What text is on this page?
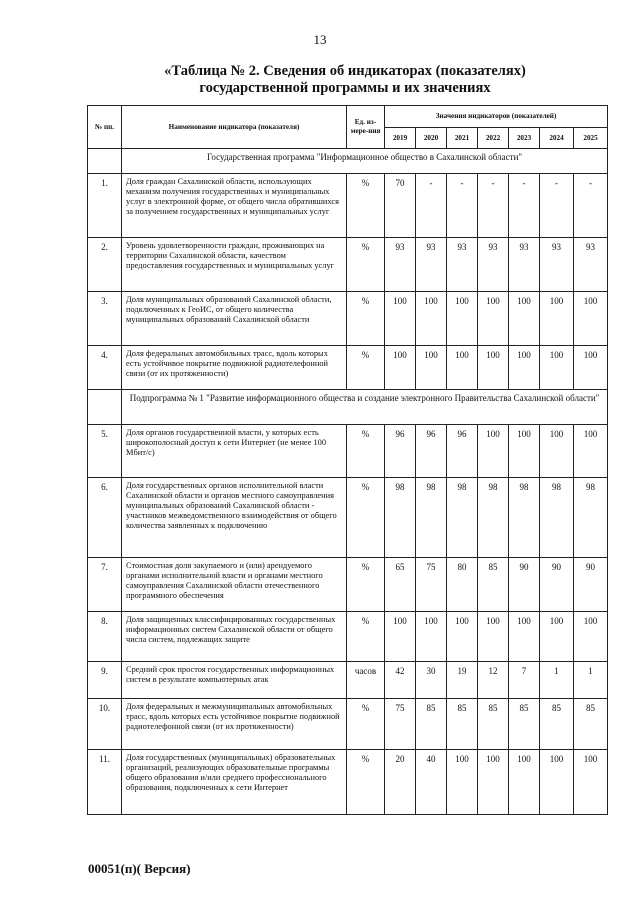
13
«Таблица № 2. Сведения об индикаторах (показателях) государственной программы и их значениях
№ пп.	Наименование индикатора (показателя)	Ед. из-мере-ния	Значения индикаторов (показателей)						
			2019	2020	2021	2022	2023	2024	2025
	Государственная программа "Информационное общество в Сахалинской области"								
1.	Доля граждан Сахалинской области, использующих механизм получения государственных и муниципальных услуг в электронной форме, от общего числа обратившихся за получением государственных и муниципальных услуг	%	70	-	-	-	-	-	-
2.	Уровень удовлетворенности граждан, проживающих на территории Сахалинской области, качеством предоставления государственных и муниципальных услуг	%	93	93	93	93	93	93	93
3.	Доля муниципальных образований Сахалинской области, подключенных к ГеоИС, от общего количества муниципальных образований Сахалинской области	%	100	100	100	100	100	100	100
4.	Доля федеральных автомобильных трасс, вдоль которых есть устойчивое покрытие подвижной радиотелефонной связи (от их протяженности)	%	100	100	100	100	100	100	100
	Подпрограмма № 1 "Развитие информационного общества и создание электронного Правительства Сахалинской области"								
5.	Доля органов государственной власти, у которых есть широкополосный доступ к сети Интернет (не менее 100 Мбит/с)	%	96	96	96	100	100	100	100
6.	Доля государственных органов исполнительной власти Сахалинской области и органов местного самоуправления муниципальных образований Сахалинской области - участников межведомственного взаимодействия от общего количества заявленных к подключению	%	98	98	98	98	98	98	98
7.	Стоимостная доля закупаемого и (или) арендуемого органами исполнительной власти и органами местного самоуправления Сахалинской области отечественного программного обеспечения	%	65	75	80	85	90	90	90
8.	Доля защищенных классифицированных государственных информационных систем Сахалинской области от общего числа систем, подлежащих защите	%	100	100	100	100	100	100	100
9.	Средний срок простоя государственных информационных систем в результате компьютерных атак	часов	42	30	19	12	7	1	1
10.	Доля федеральных и межмуниципальных автомобильных трасс, вдоль которых есть устойчивое покрытие подвижной радиотелефонной связи (от их протяженности)	%	75	85	85	85	85	85	85
11.	Доля государственных (муниципальных) образовательных организаций, реализующих образовательные программы общего образования и/или среднего профессионального образования, подключенных к сети Интернет	%	20	40	100	100	100	100	100
00051(п)( Версия)
